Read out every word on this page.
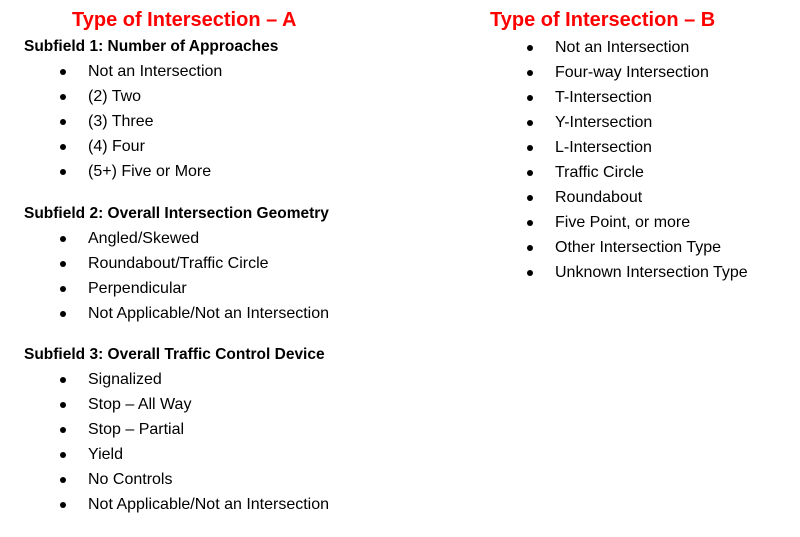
Type of Intersection – A
Subfield 1: Number of Approaches
Not an Intersection
(2) Two
(3) Three
(4) Four
(5+) Five or More
Subfield 2: Overall Intersection Geometry
Angled/Skewed
Roundabout/Traffic Circle
Perpendicular
Not Applicable/Not an Intersection
Subfield 3: Overall Traffic Control Device
Signalized
Stop – All Way
Stop – Partial
Yield
No Controls
Not Applicable/Not an Intersection
Type of Intersection – B
Not an Intersection
Four-way Intersection
T-Intersection
Y-Intersection
L-Intersection
Traffic Circle
Roundabout
Five Point, or more
Other Intersection Type
Unknown Intersection Type
